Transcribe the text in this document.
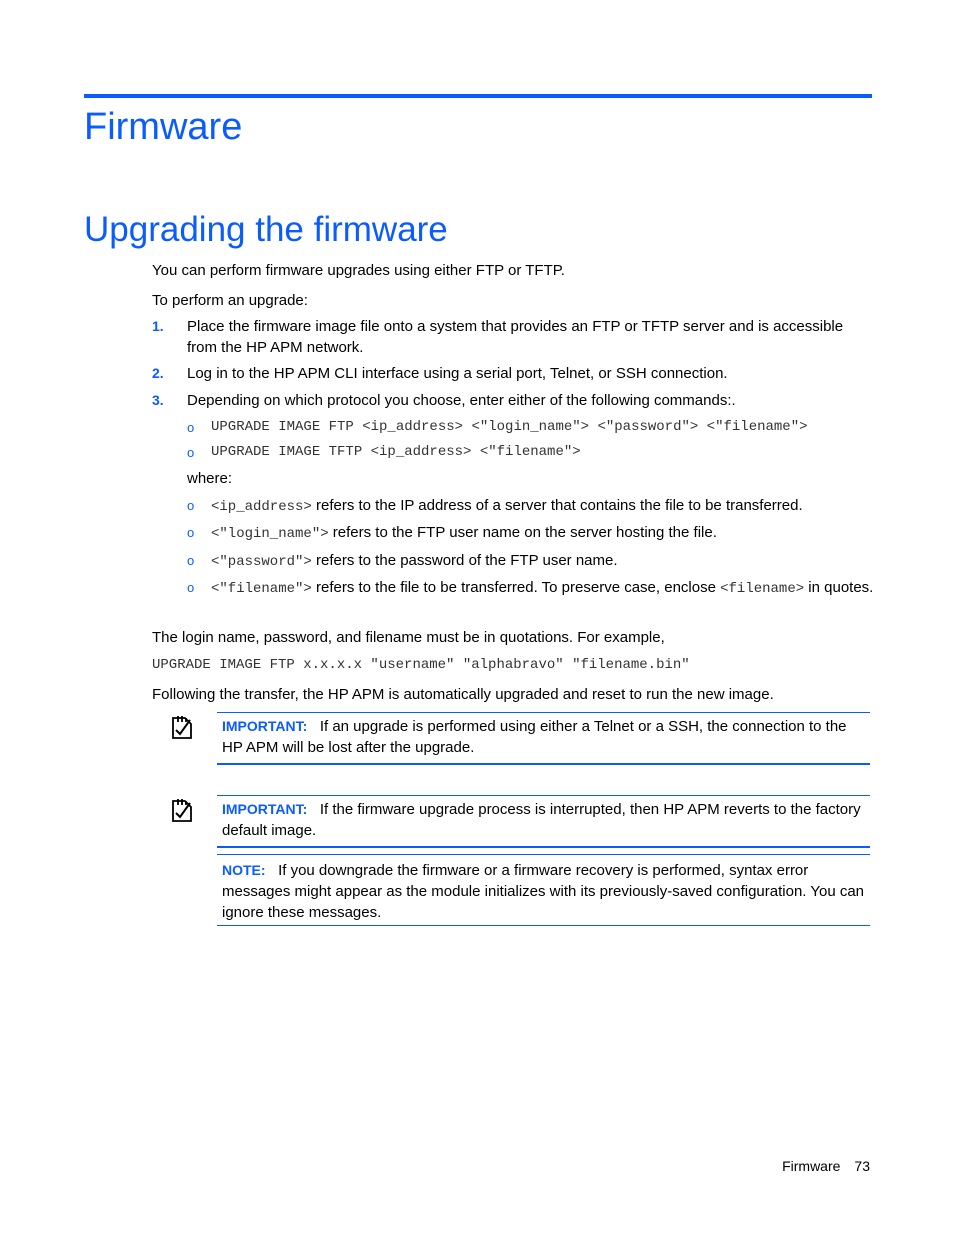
Firmware
Upgrading the firmware
You can perform firmware upgrades using either FTP or TFTP.
To perform an upgrade:
1. Place the firmware image file onto a system that provides an FTP or TFTP server and is accessible from the HP APM network.
2. Log in to the HP APM CLI interface using a serial port, Telnet, or SSH connection.
3. Depending on which protocol you choose, enter either of the following commands:.
o UPGRADE IMAGE FTP <ip_address> <"login_name"> <"password"> <"filename">
o UPGRADE IMAGE TFTP <ip_address> <"filename">
where:
o <ip_address> refers to the IP address of a server that contains the file to be transferred.
o <"login_name"> refers to the FTP user name on the server hosting the file.
o <"password"> refers to the password of the FTP user name.
o <"filename"> refers to the file to be transferred. To preserve case, enclose <filename> in quotes.
The login name, password, and filename must be in quotations. For example,
UPGRADE IMAGE FTP x.x.x.x "username" "alphabravo" "filename.bin"
Following the transfer, the HP APM is automatically upgraded and reset to run the new image.
IMPORTANT: If an upgrade is performed using either a Telnet or a SSH, the connection to the HP APM will be lost after the upgrade.
IMPORTANT: If the firmware upgrade process is interrupted, then HP APM reverts to the factory default image.
NOTE: If you downgrade the firmware or a firmware recovery is performed, syntax error messages might appear as the module initializes with its previously-saved configuration. You can ignore these messages.
Firmware 73
